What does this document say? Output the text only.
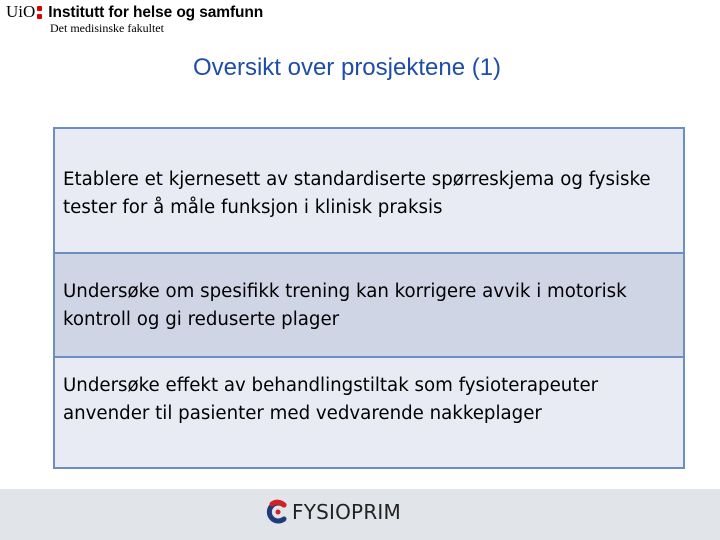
UiO Institutt for helse og samfunn
Det medisinske fakultet
Oversikt over prosjektene (1)
Etablere et kjernesett av standardiserte spørreskjema og fysiske tester for å måle funksjon i klinisk praksis
Undersøke om spesifikk trening kan korrigere avvik i motorisk kontroll og gi reduserte plager
Undersøke effekt av behandlingstiltak som fysioterapeuter anvender til pasienter med vedvarende nakkeplager
FYSIOPRIM
